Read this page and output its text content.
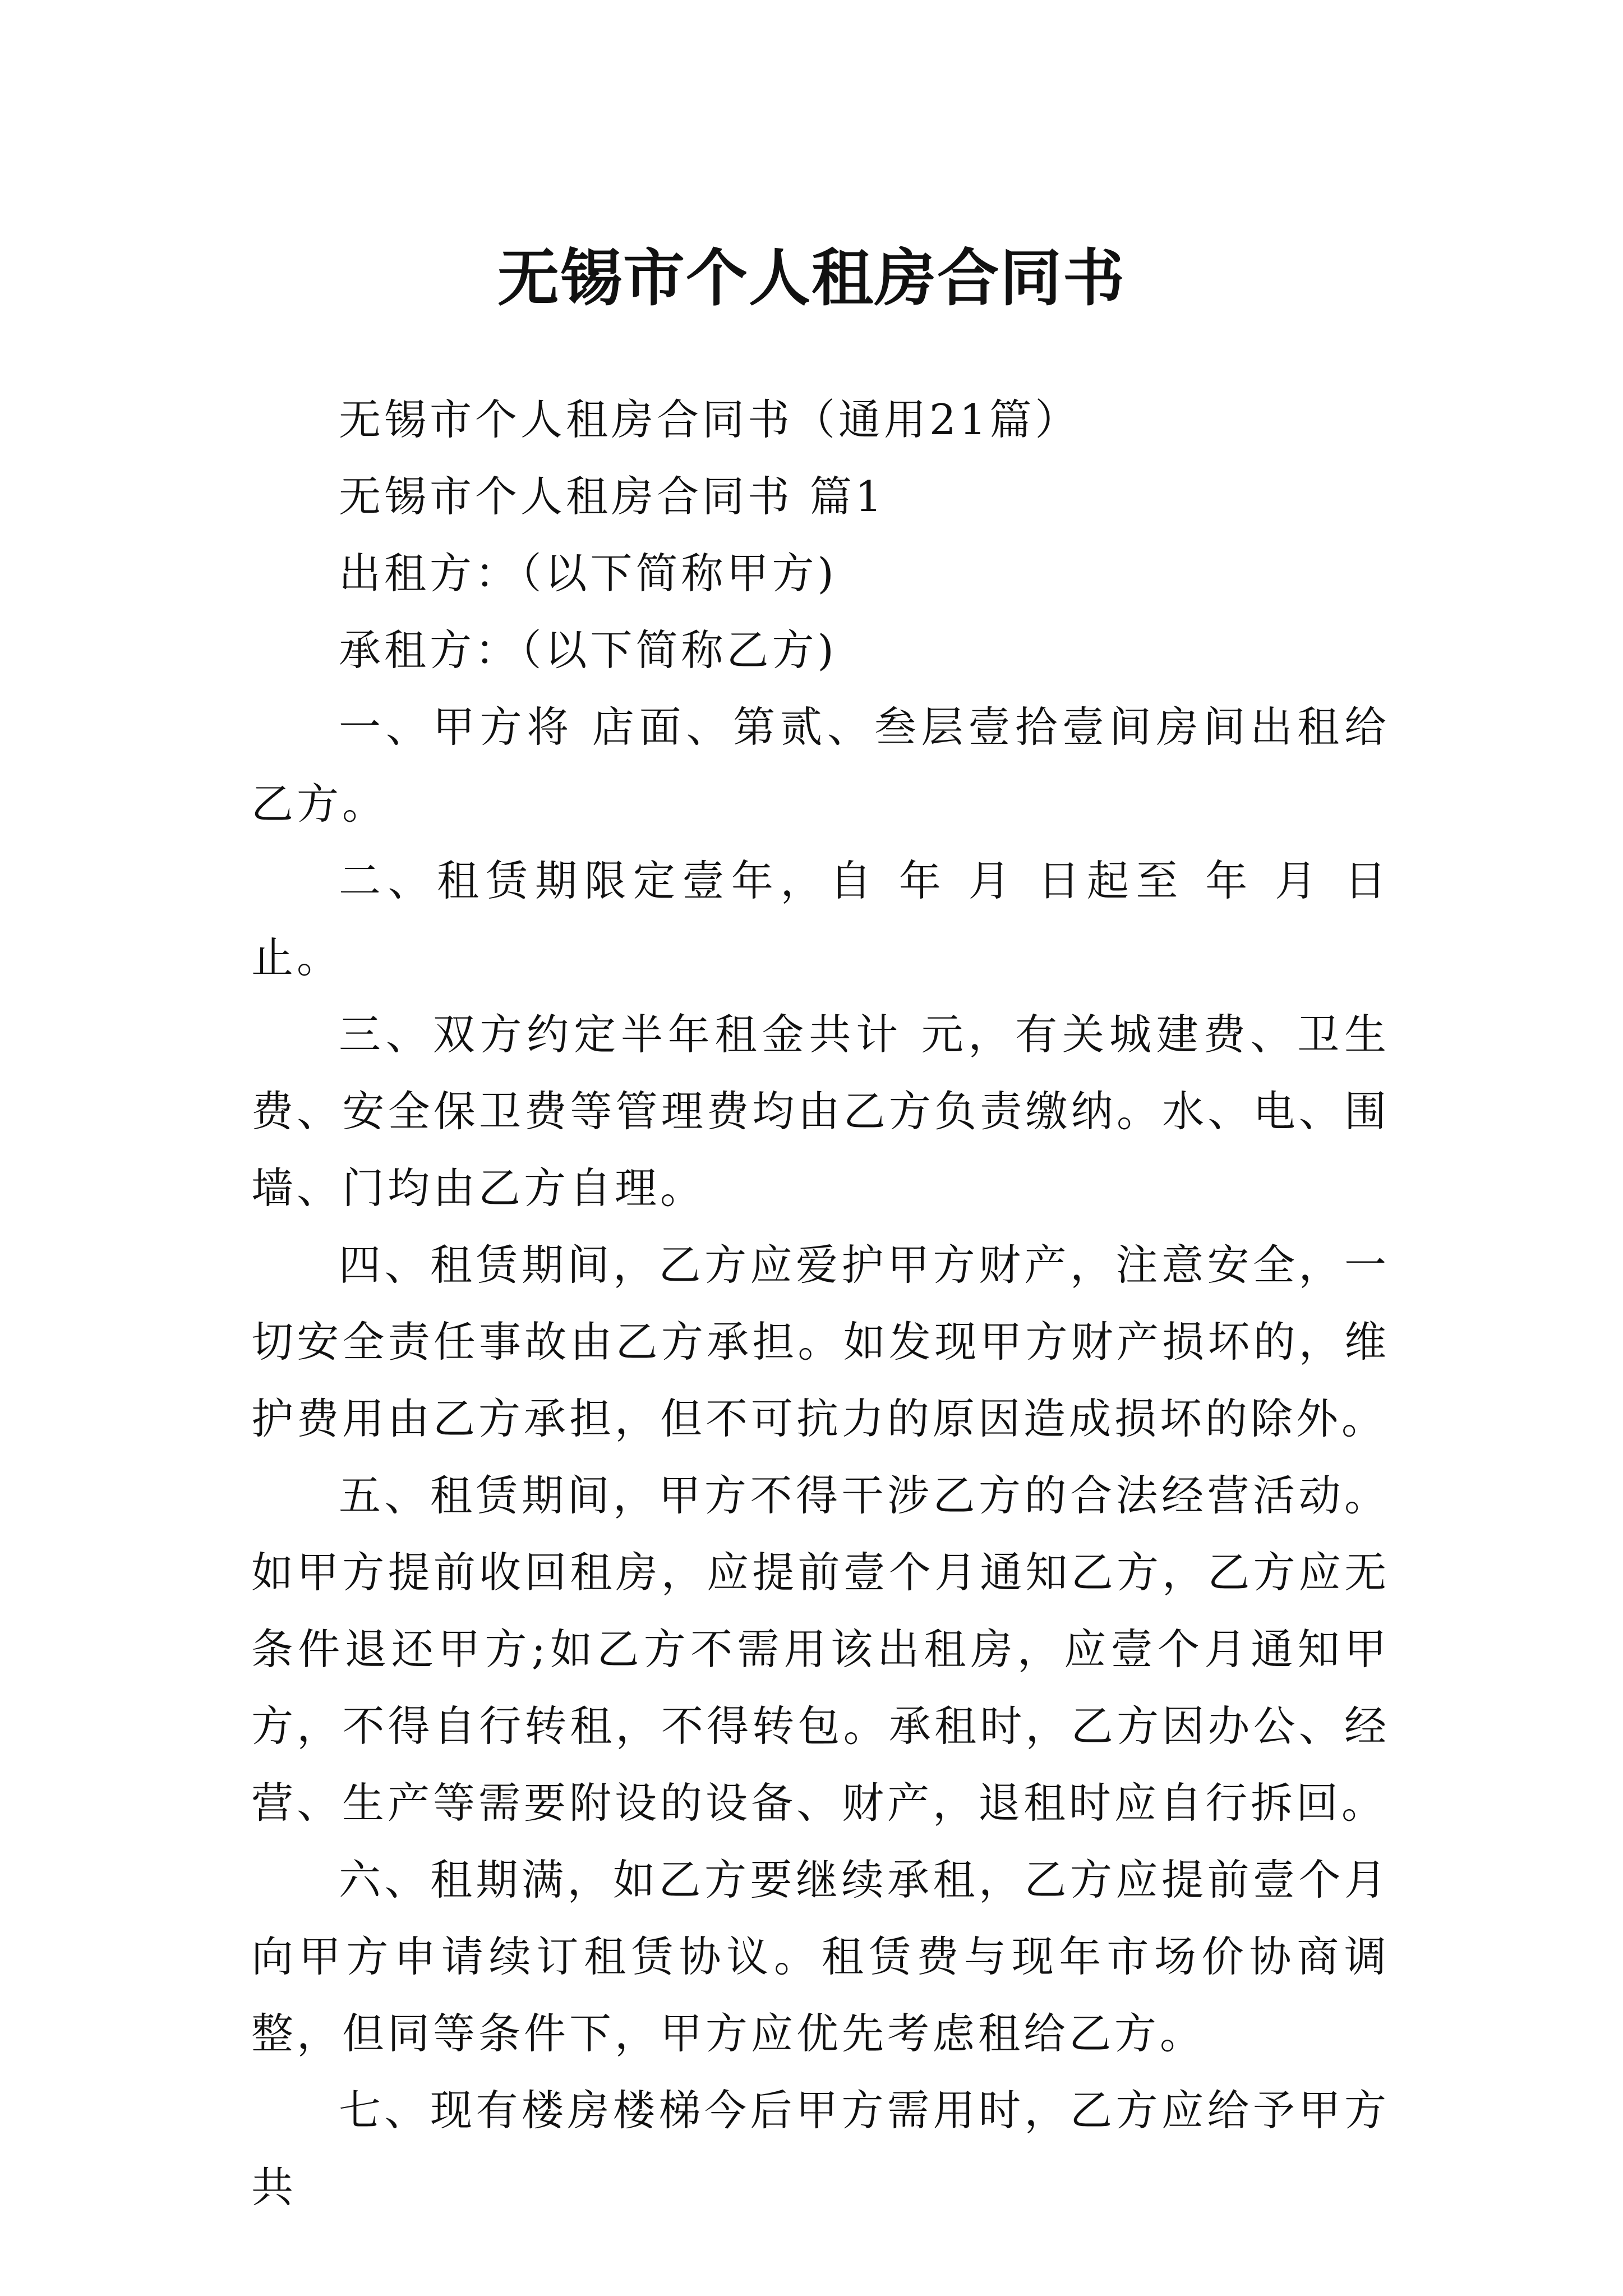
无锡市个人租房合同书

无锡市个人租房合同书（通用21篇）

无锡市个人租房合同书 篇1

出租方：（以下简称甲方)

承租方：（以下简称乙方)

一、甲方将 店面、第贰、叁层壹拾壹间房间出租给乙方。

二、租赁期限定壹年，自 年 月 日起至 年 月 日止。

三、双方约定半年租金共计 元，有关城建费、卫生费、安全保卫费等管理费均由乙方负责缴纳。水、电、围墙、门均由乙方自理。

四、租赁期间，乙方应爱护甲方财产，注意安全，一切安全责任事故由乙方承担。如发现甲方财产损坏的，维护费用由乙方承担，但不可抗力的原因造成损坏的除外。

五、租赁期间，甲方不得干涉乙方的合法经营活动。如甲方提前收回租房，应提前壹个月通知乙方，乙方应无条件退还甲方;如乙方不需用该出租房，应壹个月通知甲方，不得自行转租，不得转包。承租时，乙方因办公、经营、生产等需要附设的设备、财产，退租时应自行拆回。

六、租期满，如乙方要继续承租，乙方应提前壹个月向甲方申请续订租赁协议。租赁费与现年市场价协商调整，但同等条件下，甲方应优先考虑租给乙方。

七、现有楼房楼梯今后甲方需用时，乙方应给予甲方共
